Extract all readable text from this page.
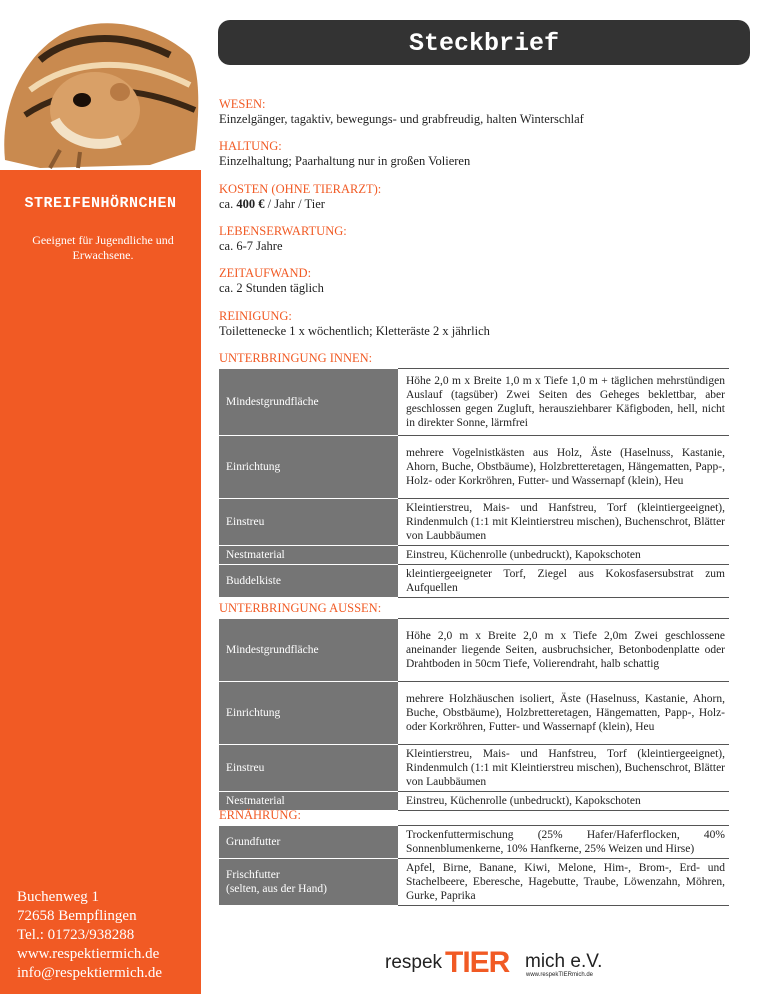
STREIFENHÖRNCHEN
Geeignet für Jugendliche und Erwachsene.
Buchenweg 1
72658 Bempflingen
Tel.: 01723/938288
www.respektiermich.de
info@respektiermich.de
Steckbrief
WESEN:
Einzelgänger, tagaktiv, bewegungs- und grabfreudig, halten Winterschlaf
HALTUNG:
Einzelhaltung; Paarhaltung nur in großen Volieren
KOSTEN (OHNE TIERARZT):
ca. 400 € / Jahr / Tier
LEBENSERWARTUNG:
ca. 6-7 Jahre
ZEITAUFWAND:
ca. 2 Stunden täglich
REINIGUNG:
Toilettenecke 1 x wöchentlich; Kletteräste 2 x jährlich
UNTERBRINGUNG INNEN:
Mindestgrundfläche	Höhe 2,0 m x Breite 1,0 m x Tiefe 1,0 m + täglichen mehrstündigen Auslauf (tagsüber) Zwei Seiten des Geheges beklettbar, aber geschlossen gegen Zugluft, herausziehbarer Käfigboden, hell, nicht in direkter Sonne, lärmfrei
Einrichtung	mehrere Vogelnistkästen aus Holz, Äste (Haselnuss, Kastanie, Ahorn, Buche, Obstbäume), Holzbretteretagen, Hängematten, Papp-, Holz- oder Korkröhren, Futter- und Wassernapf (klein), Heu
Einstreu	Kleintierstreu, Mais- und Hanfstreu, Torf (kleintiergeeignet), Rindenmulch (1:1 mit Kleintierstreu mischen), Buchenschrot, Blätter von Laubbäumen
Nestmaterial	Einstreu, Küchenrolle (unbedruckt), Kapokschoten
Buddelkiste	kleintiergeeigneter Torf, Ziegel aus Kokosfasersubstrat zum Aufquellen
UNTERBRINGUNG AUSSEN:
Mindestgrundfläche	Höhe 2,0 m x Breite 2,0 m x Tiefe 2,0m Zwei geschlossene aneinander liegende Seiten, ausbruchsicher, Betonbodenplatte oder Drahtboden in 50cm Tiefe, Volierendraht, halb schattig
Einrichtung	mehrere Holzhäuschen isoliert, Äste (Haselnuss, Kastanie, Ahorn, Buche, Obstbäume), Holzbretteretagen, Hängematten, Papp-, Holz- oder Korkröhren, Futter- und Wassernapf (klein), Heu
Einstreu	Kleintierstreu, Mais- und Hanfstreu, Torf (kleintiergeeignet), Rindenmulch (1:1 mit Kleintierstreu mischen), Buchenschrot, Blätter von Laubbäumen
Nestmaterial	Einstreu, Küchenrolle (unbedruckt), Kapokschoten
ERNÄHRUNG:
Grundfutter	Trockenfuttermischung (25% Hafer/Haferflocken, 40% Sonnenblumenkerne, 10% Hanfkerne, 25% Weizen und Hirse)

Frischfutter
(selten, aus der Hand)	Apfel, Birne, Banane, Kiwi, Melone, Him-, Brom-, Erd- und Stachelbeere, Eberesche, Hagebutte, Traube, Löwenzahn, Möhren, Gurke, Paprika
respek TIER mich e.V.
www.respekTIERmich.de
